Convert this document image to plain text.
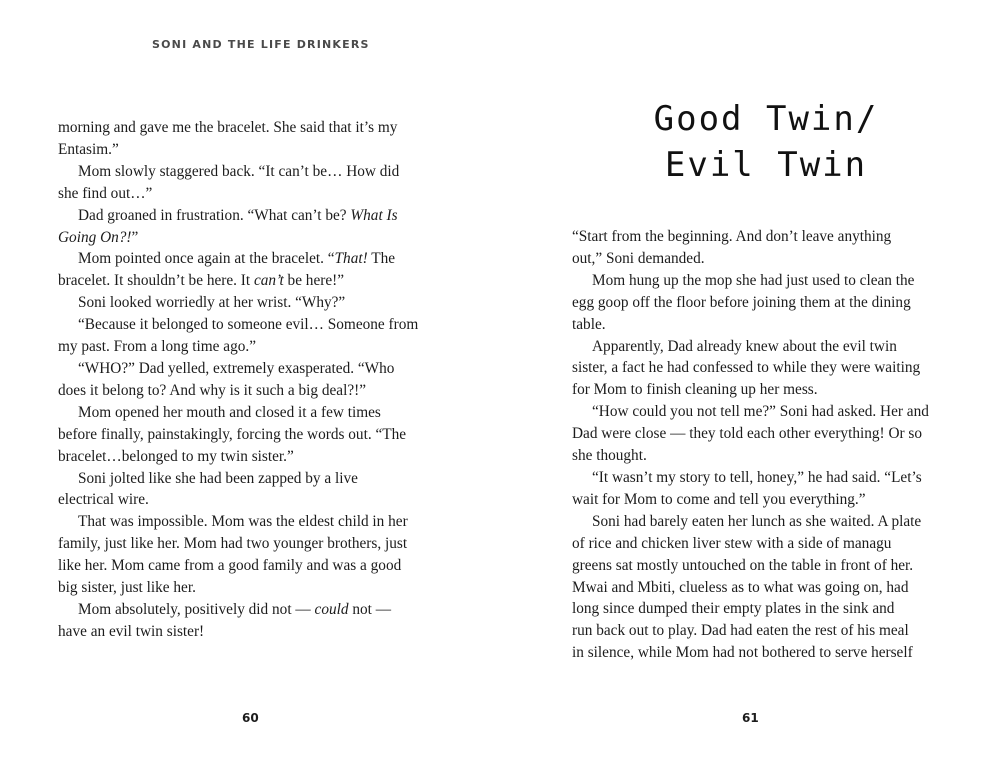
SONI AND THE LIFE DRINKERS

morning and gave me the bracelet. She said that it’s my
Entasim.”
Mom slowly staggered back. “It can’t be… How did
she find out…”
Dad groaned in frustration. “What can’t be? What Is
Going On?!”
Mom pointed once again at the bracelet. “That! The
bracelet. It shouldn’t be here. It can’t be here!”
Soni looked worriedly at her wrist. “Why?”
“Because it belonged to someone evil… Someone from
my past. From a long time ago.”
“WHO?” Dad yelled, extremely exasperated. “Who
does it belong to? And why is it such a big deal?!”
Mom opened her mouth and closed it a few times
before finally, painstakingly, forcing the words out. “The
bracelet…belonged to my twin sister.”
Soni jolted like she had been zapped by a live
electrical wire.
That was impossible. Mom was the eldest child in her
family, just like her. Mom had two younger brothers, just
like her. Mom came from a good family and was a good
big sister, just like her.
Mom absolutely, positively did not — could not —
have an evil twin sister!

60

Good Twin/
Evil Twin
“Start from the beginning. And don’t leave anything
out,” Soni demanded.
Mom hung up the mop she had just used to clean the
egg goop off the floor before joining them at the dining
table.
Apparently, Dad already knew about the evil twin
sister, a fact he had confessed to while they were waiting
for Mom to finish cleaning up her mess.
“How could you not tell me?” Soni had asked. Her and
Dad were close — they told each other everything! Or so
she thought.
“It wasn’t my story to tell, honey,” he had said. “Let’s
wait for Mom to come and tell you everything.”
Soni had barely eaten her lunch as she waited. A plate
of rice and chicken liver stew with a side of managu
greens sat mostly untouched on the table in front of her.
Mwai and Mbiti, clueless as to what was going on, had
long since dumped their empty plates in the sink and
run back out to play. Dad had eaten the rest of his meal
in silence, while Mom had not bothered to serve herself

61
